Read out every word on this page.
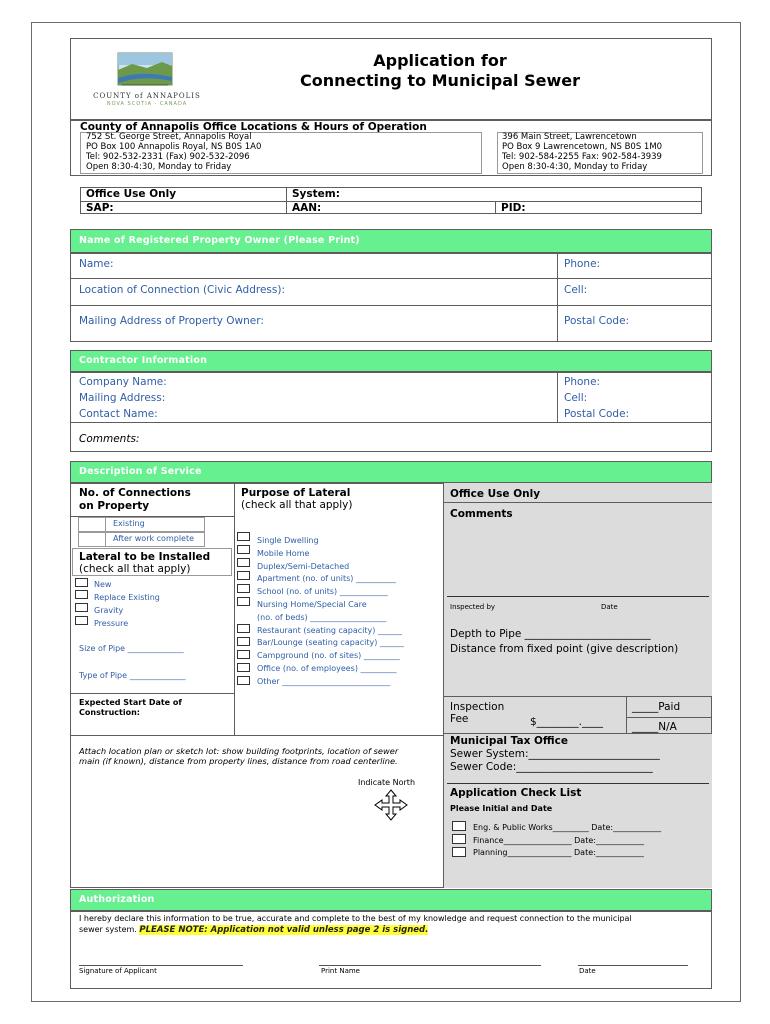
COUNTY of ANNAPOLIS
NOVA SCOTIA · CANADA
Application for
Connecting to Municipal Sewer
County of Annapolis Office Locations & Hours of Operation
752 St. George Street, Annapolis Royal
PO Box 100 Annapolis Royal, NS B0S 1A0
Tel: 902-532-2331 (Fax) 902-532-2096
Open 8:30-4:30, Monday to Friday
396 Main Street, Lawrencetown
PO Box 9 Lawrencetown, NS B0S 1M0
Tel: 902-584-2255 Fax: 902-584-3939
Open 8:30-4:30, Monday to Friday
Office Use Only	System:
SAP:	AAN:	PID:
Name of Registered Property Owner (Please Print)
Name:	Phone:
Location of Connection (Civic Address):	Cell:
Mailing Address of Property Owner:	Postal Code:
Contractor Information
Company Name:	Phone:
Mailing Address:	Cell:
Contact Name:	Postal Code:
Comments:
Description of Service
No. of Connections
on Property
Existing
After work complete
Lateral to be Installed
(check all that apply)
New
Replace Existing
Gravity
Pressure
Size of Pipe ______________
Type of Pipe ______________
Expected Start Date of
Construction:
Purpose of Lateral
(check all that apply)
Single Dwelling
Mobile Home
Duplex/Semi-Detached
Apartment (no. of units) __________
School (no. of units) ____________
Nursing Home/Special Care
(no. of beds) ___________________
Restaurant (seating capacity) ______
Bar/Lounge (seating capacity) ______
Campground (no. of sites) _________
Office (no. of employees) _________
Other ___________________________
Attach location plan or sketch lot: show building footprints, location of sewer
main (if known), distance from property lines, distance from road centerline.
Indicate North
Office Use Only
Comments
Inspected by	Date
Depth to Pipe ________________________
Distance from fixed point (give description)
Inspection
Fee	$________.____
_____Paid
_____N/A
Municipal Tax Office
Sewer System:_________________________
Sewer Code:__________________________
Application Check List
Please Initial and Date
Eng. & Public Works_________ Date:____________
Finance_________________ Date:____________
Planning________________ Date:____________
Authorization
I hereby declare this information to be true, accurate and complete to the best of my knowledge and request connection to the municipal
sewer system. PLEASE NOTE: Application not valid unless page 2 is signed.
Signature of Applicant	Print Name	Date
